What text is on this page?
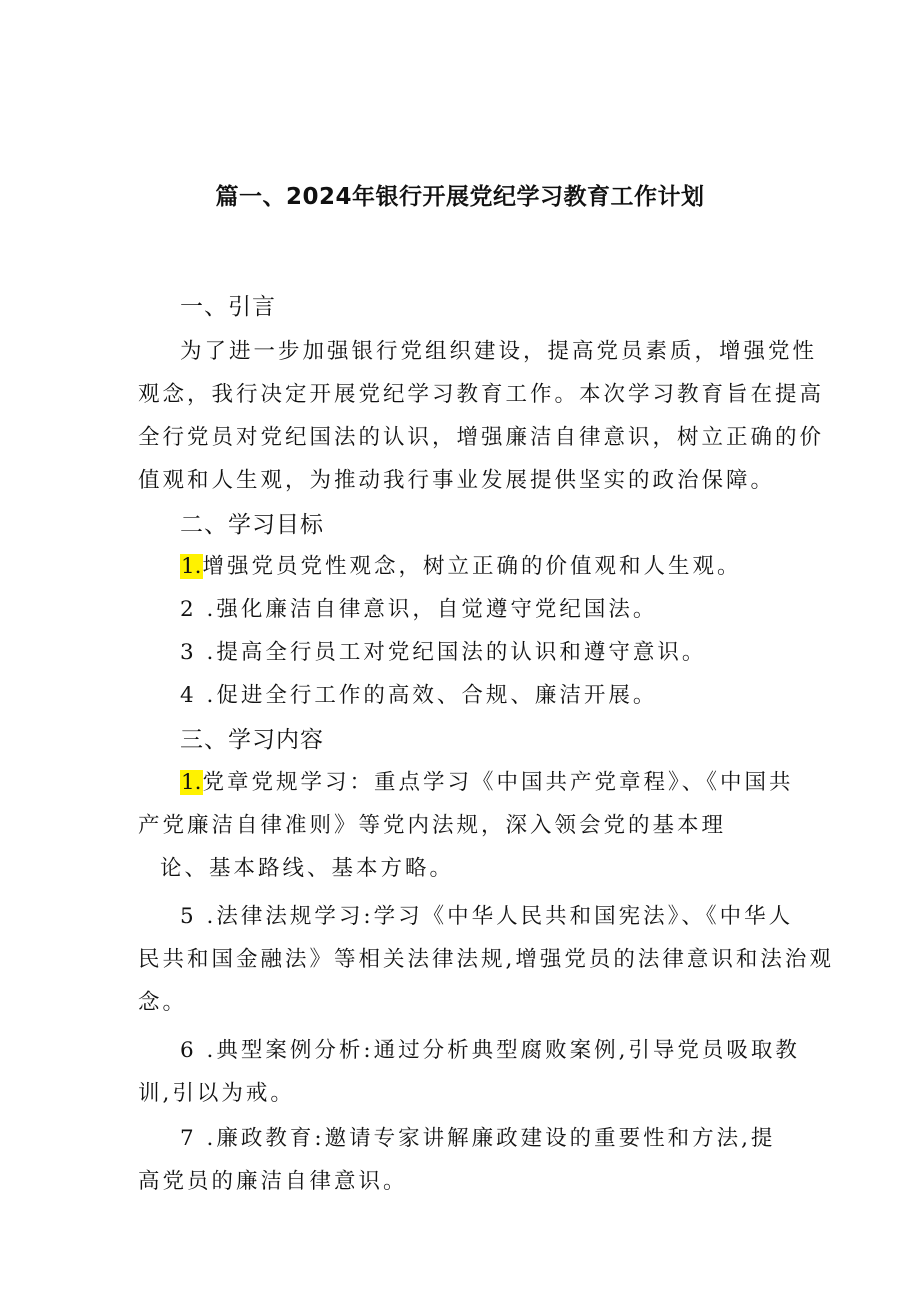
篇一、2024年银行开展党纪学习教育工作计划
一、引言
为了进一步加强银行党组织建设，提高党员素质，增强党性
观念，我行决定开展党纪学习教育工作。本次学习教育旨在提高
全行党员对党纪国法的认识，增强廉洁自律意识，树立正确的价
值观和人生观，为推动我行事业发展提供坚实的政治保障。
二、学习目标
1.增强党员党性观念，树立正确的价值观和人生观。
2 .强化廉洁自律意识，自觉遵守党纪国法。
3 .提高全行员工对党纪国法的认识和遵守意识。
4 .促进全行工作的高效、合规、廉洁开展。
三、学习内容
1.党章党规学习：重点学习《中国共产党章程》、《中国共
产党廉洁自律准则》等党内法规，深入领会党的基本理
论、基本路线、基本方略。
5 .法律法规学习:学习《中华人民共和国宪法》、《中华人
民共和国金融法》等相关法律法规,增强党员的法律意识和法治观
念。
6 .典型案例分析:通过分析典型腐败案例,引导党员吸取教
训,引以为戒。
7 .廉政教育:邀请专家讲解廉政建设的重要性和方法,提
高党员的廉洁自律意识。
